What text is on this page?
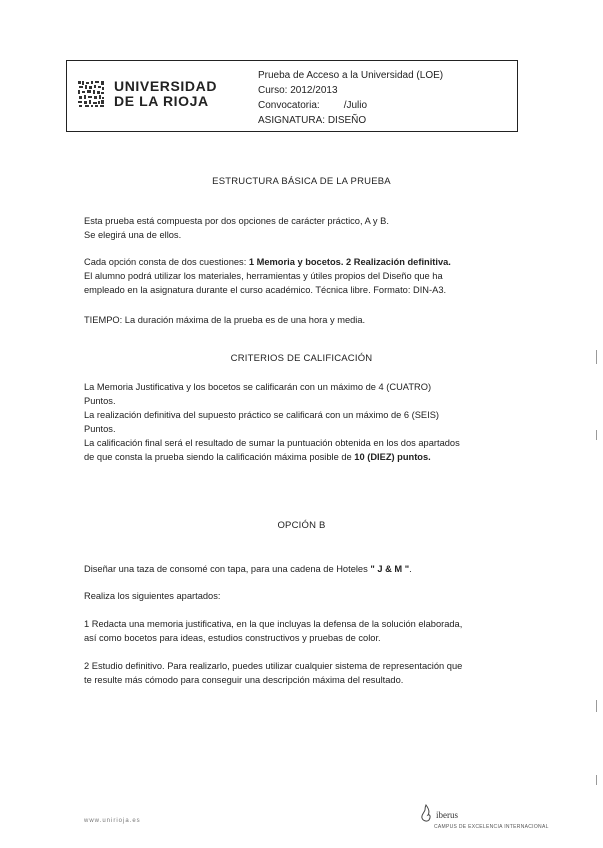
UNIVERSIDAD
DE LA RIOJA
Prueba de Acceso a la Universidad (LOE)
Curso: 2012/2013
Convocatoria: /Julio
ASIGNATURA: DISEÑO
ESTRUCTURA BÁSICA DE LA PRUEBA

Esta prueba está compuesta por dos opciones de carácter práctico, A y B.

Se elegirá una de ellos.

Cada opción consta de dos cuestiones: 1 Memoria y bocetos. 2 Realización definitiva.

El alumno podrá utilizar los materiales, herramientas y útiles propios del Diseño que ha

empleado en la asignatura durante el curso académico. Técnica libre. Formato: DIN-A3.

TIEMPO: La duración máxima de la prueba es de una hora y media.

CRITERIOS DE CALIFICACIÓN

La Memoria Justificativa y los bocetos se calificarán con un máximo de 4 (CUATRO)

Puntos.

La realización definitiva del supuesto práctico se calificará con un máximo de 6 (SEIS)

Puntos.

La calificación final será el resultado de sumar la puntuación obtenida en los dos apartados

de que consta la prueba siendo la calificación máxima posible de 10 (DIEZ) puntos.

OPCIÓN B

Diseñar una taza de consomé con tapa, para una cadena de Hoteles " J & M ".

Realiza los siguientes apartados:

1 Redacta una memoria justificativa, en la que incluyas la defensa de la solución elaborada,

así como bocetos para ideas, estudios constructivos y pruebas de color.

2 Estudio definitivo. Para realizarlo, puedes utilizar cualquier sistema de representación que

te resulte más cómodo para conseguir una descripción máxima del resultado.

www.unirioja.es
iberus
CAMPUS DE EXCELENCIA INTERNACIONAL
